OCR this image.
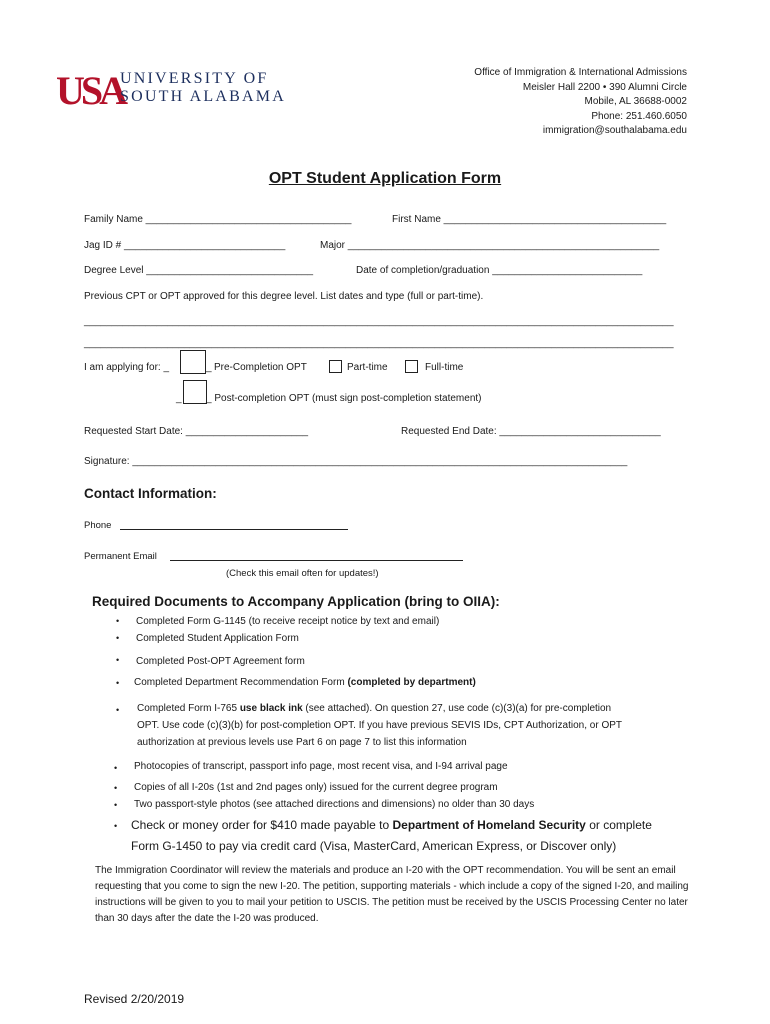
USA
UNIVERSITY OF
SOUTH ALABAMA
Office of Immigration & International Admissions
Meisler Hall 2200 • 390 Alumni Circle
Mobile, AL 36688-0002
Phone: 251.460.6050
immigration@southalabama.edu
OPT Student Application Form
Family Name _____________________________________	First Name ________________________________________
Jag ID # _____________________________	Major ________________________________________________________
Degree Level ______________________________	Date of completion/graduation ___________________________
Previous CPT or OPT approved for this degree level. List dates and type (full or part-time).
__________________________________________________________________________________________________________
__________________________________________________________________________________________________________
I am applying for: _	_ Pre-Completion OPT	Part-time	Full-time
_ _ Post-completion OPT (must sign post-completion statement)
Requested Start Date: ______________________	Requested End Date: _____________________________
Signature: _________________________________________________________________________________________
Contact Information:
Phone
Permanent Email
(Check this email often for updates!)
Required Documents to Accompany Application (bring to OIIA):
• Completed Form G-1145 (to receive receipt notice by text and email)
• Completed Student Application Form
• Completed Post-OPT Agreement form
• Completed Department Recommendation Form (completed by department)
• Completed Form I-765 use black ink (see attached). On question 27, use code (c)(3)(a) for pre-completion
OPT. Use code (c)(3)(b) for post-completion OPT. If you have previous SEVIS IDs, CPT Authorization, or OPT
authorization at previous levels use Part 6 on page 7 to list this information
• Photocopies of transcript, passport info page, most recent visa, and I-94 arrival page
• Copies of all I-20s (1st and 2nd pages only) issued for the current degree program
• Two passport-style photos (see attached directions and dimensions) no older than 30 days
• Check or money order for $410 made payable to Department of Homeland Security or complete
Form G-1450 to pay via credit card (Visa, MasterCard, American Express, or Discover only)
The Immigration Coordinator will review the materials and produce an I-20 with the OPT recommendation. You will be sent an email requesting that you come to sign the new I-20. The petition, supporting materials - which include a copy of the signed I-20, and mailing instructions will be given to you to mail your petition to USCIS. The petition must be received by the USCIS Processing Center no later than 30 days after the date the I-20 was produced.
Revised 2/20/2019
